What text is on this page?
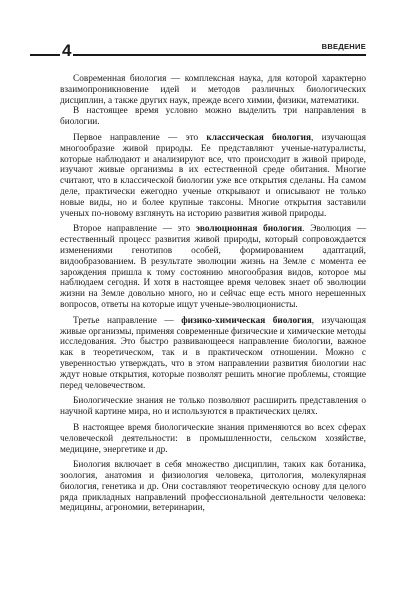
4	ВВЕДЕНИЕ

Современная биология — комплексная наука, для которой характерно взаимопроникновение идей и методов различных биологических дисциплин, а также других наук, прежде всего химии, физики, математики.

В настоящее время условно можно выделить три направления в биологии.

Первое направление — это классическая биология, изучающая многообразие живой природы. Ее представляют ученые-натуралисты, которые наблюдают и анализируют все, что происходит в живой природе, изучают живые организмы в их естественной среде обитания. Многие считают, что в классической биологии уже все открытия сделаны. На самом деле, практически ежегодно ученые открывают и описывают не только новые виды, но и более крупные таксоны. Многие открытия заставили ученых по-новому взглянуть на историю развития живой природы.

Второе направление — это эволюционная биология. Эволюция — естественный процесс развития живой природы, который сопровождается изменениями генотипов особей, формированием адаптаций, видообразованием. В результате эволюции жизнь на Земле с момента ее зарождения пришла к тому состоянию многообразия видов, которое мы наблюдаем сегодня. И хотя в настоящее время человек знает об эволюции жизни на Земле довольно много, но и сейчас еще есть много нерешенных вопросов, ответы на которые ищут ученые-эволюционисты.

Третье направление — физико-химическая биология, изучающая живые организмы, применяя современные физические и химические методы исследования. Это быстро развивающееся направление биологии, важное как в теоретическом, так и в практическом отношении. Можно с уверенностью утверждать, что в этом направлении развития биологии нас ждут новые открытия, которые позволят решить многие проблемы, стоящие перед человечеством.

Биологические знания не только позволяют расширить представления о научной картине мира, но и используются в практических целях.

В настоящее время биологические знания применяются во всех сферах человеческой деятельности: в промышленности, сельском хозяйстве, медицине, энергетике и др.

Биология включает в себя множество дисциплин, таких как ботаника, зоология, анатомия и физиология человека, цитология, молекулярная биология, генетика и др. Они составляют теоретическую основу для целого ряда прикладных направлений профессиональной деятельности человека: медицины, агрономии, ветеринарии,
